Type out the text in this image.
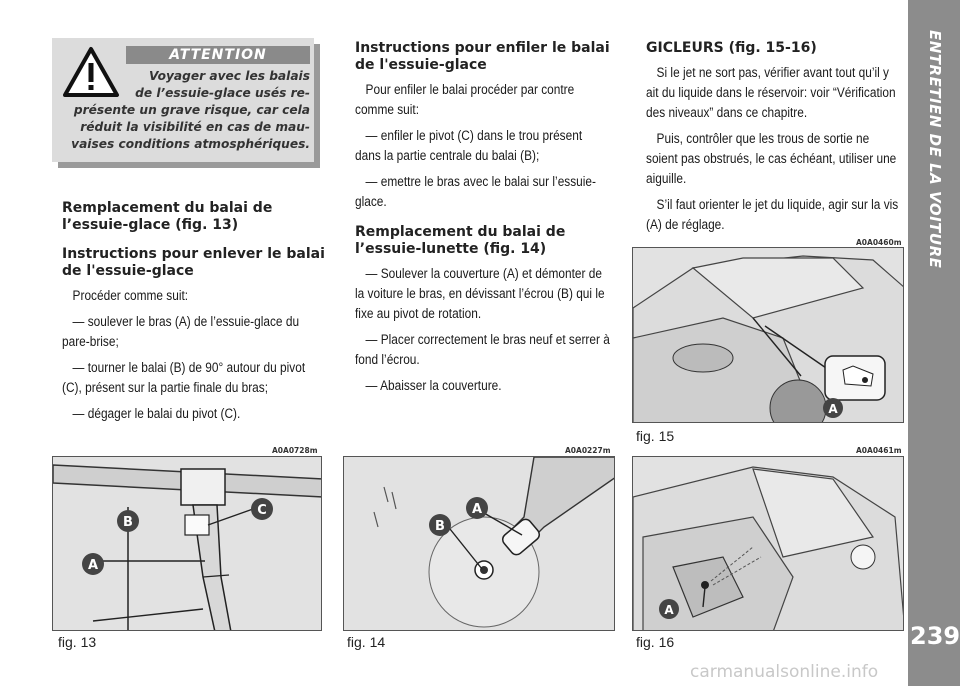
ENTRETIEN DE LA VOITURE
239
ATTENTION
Voyager avec les balais
de l’essuie-glace usés re-
présente un grave risque, car cela
réduit la visibilité en cas de mau-
vaises conditions atmosphériques.
Remplacement du balai de
l’essuie-glace (fig. 13)
Instructions pour enlever le balai
de l'essuie-glace

Procéder comme suit:

— soulever le bras (A) de l’essuie-glace du pare-brise;

— tourner le balai (B) de 90° autour du pivot (C), présent sur la partie finale du bras;

— dégager le balai du pivot (C).

Instructions pour enfiler le balai
de l'essuie-glace

Pour enfiler le balai procéder par contre comme suit:

— enfiler le pivot (C) dans le trou présent dans la partie centrale du balai (B);

— emettre le bras avec le balai sur l’essuie-glace.

Remplacement du balai de
l’essuie-lunette (fig. 14)

— Soulever la couverture (A) et démonter de la voiture le bras, en dévissant l’écrou (B) qui le fixe au pivot de rotation.

— Placer correctement le bras neuf et serrer à fond l’écrou.

— Abaisser la couverture.

GICLEURS (fig. 15-16)

Si le jet ne sort pas, vérifier avant tout qu’il y ait du liquide dans le réservoir: voir “Vérification des niveaux” dans ce chapitre.

Puis, contrôler que les trous de sortie ne soient pas obstrués, le cas échéant, utiliser une aiguille.

S’il faut orienter le jet du liquide, agir sur la vis (A) de réglage.

A0A0728m
B
C
A
fig. 13
A0A0227m
B
A
fig. 14
A0A0460m
A
fig. 15
A0A0461m
A
fig. 16
carmanualsonline.info
